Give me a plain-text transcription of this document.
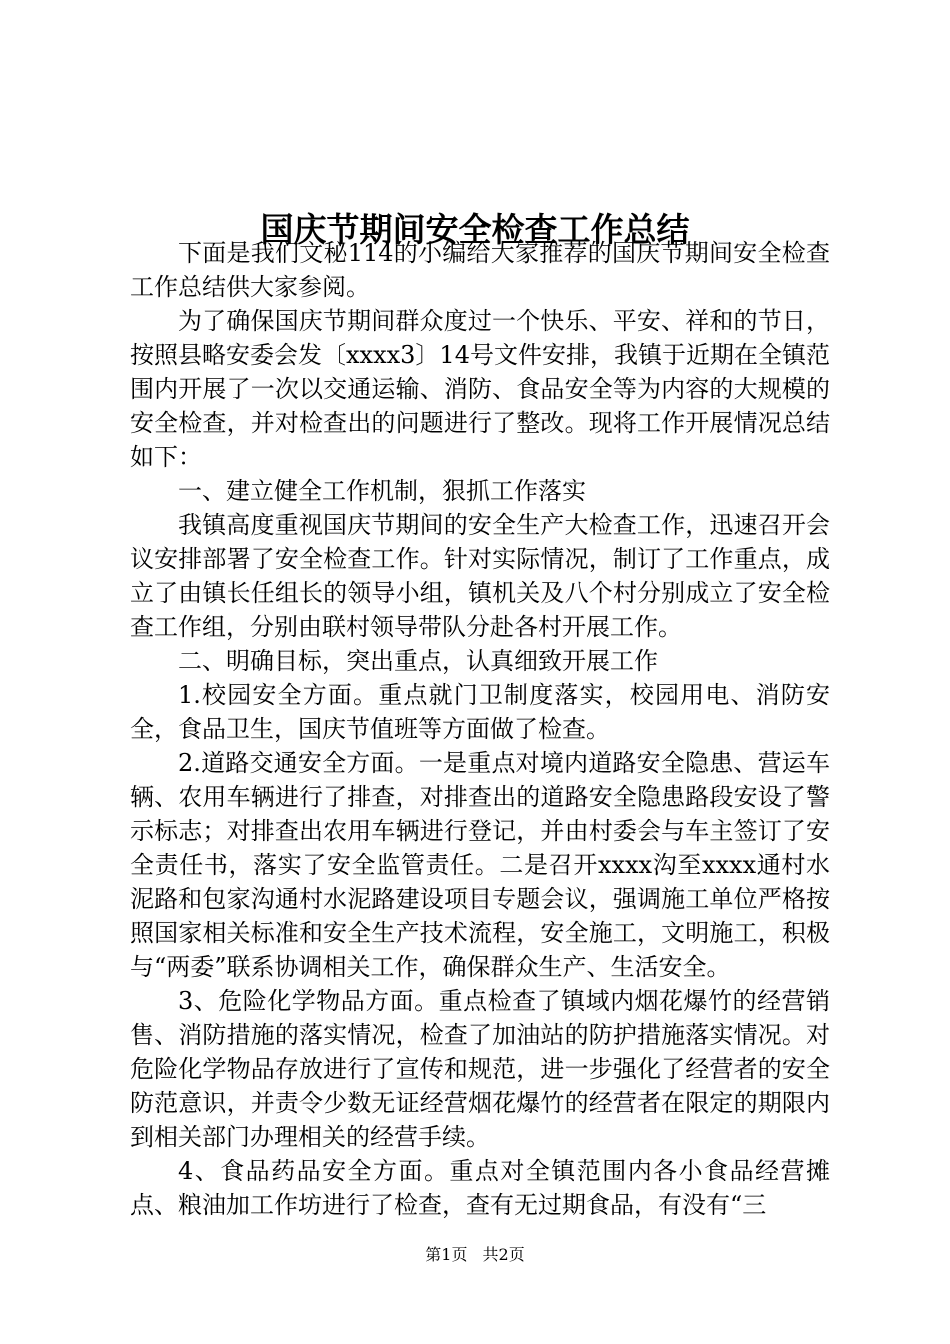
国庆节期间安全检查工作总结

下面是我们文秘114的小编给大家推荐的国庆节期间安全检查工作总结供大家参阅。

为了确保国庆节期间群众度过一个快乐、平安、祥和的节日，按照县略安委会发〔xxxx3〕14号文件安排，我镇于近期在全镇范围内开展了一次以交通运输、消防、食品安全等为内容的大规模的安全检查，并对检查出的问题进行了整改。现将工作开展情况总结如下：

一、建立健全工作机制，狠抓工作落实

我镇高度重视国庆节期间的安全生产大检查工作，迅速召开会议安排部署了安全检查工作。针对实际情况，制订了工作重点，成立了由镇长任组长的领导小组，镇机关及八个村分别成立了安全检查工作组，分别由联村领导带队分赴各村开展工作。

二、明确目标，突出重点，认真细致开展工作

1.校园安全方面。重点就门卫制度落实，校园用电、消防安全，食品卫生，国庆节值班等方面做了检查。

2.道路交通安全方面。一是重点对境内道路安全隐患、营运车辆、农用车辆进行了排查，对排查出的道路安全隐患路段安设了警示标志；对排查出农用车辆进行登记，并由村委会与车主签订了安全责任书，落实了安全监管责任。二是召开xxxx沟至xxxx通村水泥路和包家沟通村水泥路建设项目专题会议，强调施工单位严格按照国家相关标准和安全生产技术流程，安全施工，文明施工，积极与“两委”联系协调相关工作，确保群众生产、生活安全。

3、危险化学物品方面。重点检查了镇域内烟花爆竹的经营销售、消防措施的落实情况，检查了加油站的防护措施落实情况。对危险化学物品存放进行了宣传和规范，进一步强化了经营者的安全防范意识，并责令少数无证经营烟花爆竹的经营者在限定的期限内到相关部门办理相关的经营手续。

4、食品药品安全方面。重点对全镇范围内各小食品经营摊点、粮油加工作坊进行了检查，查有无过期食品，有没有“三

第1页 共2页
